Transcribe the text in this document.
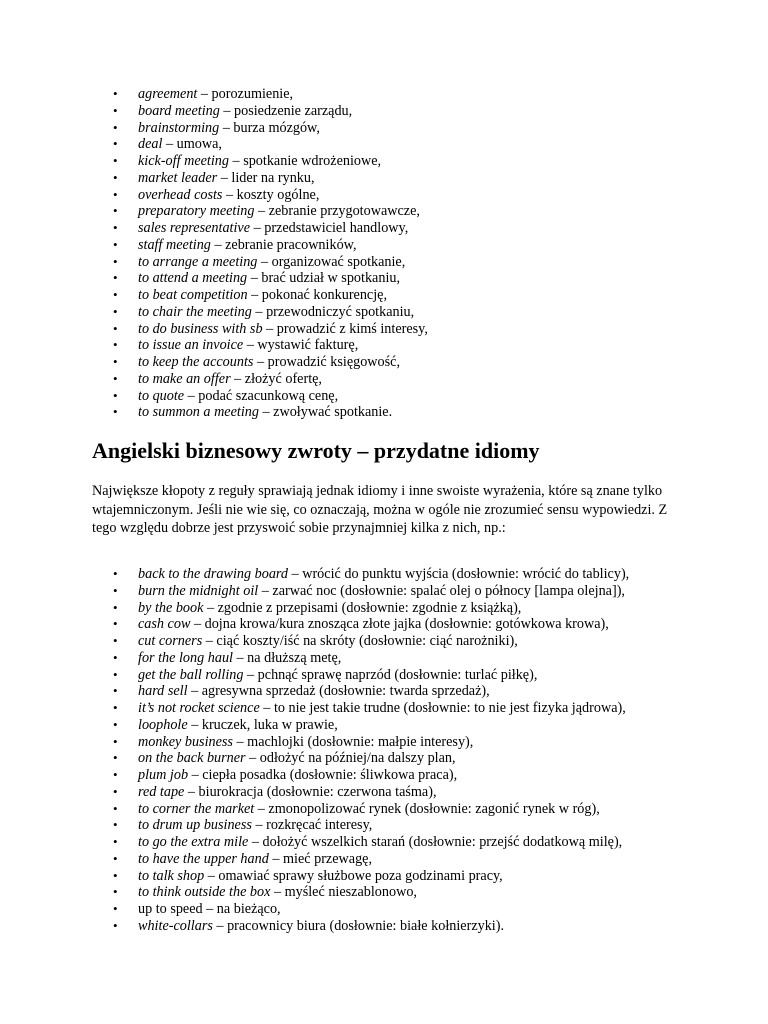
• agreement – porozumienie,
• board meeting – posiedzenie zarządu,
• brainstorming – burza mózgów,
• deal – umowa,
• kick-off meeting – spotkanie wdrożeniowe,
• market leader – lider na rynku,
• overhead costs – koszty ogólne,
• preparatory meeting – zebranie przygotowawcze,
• sales representative – przedstawiciel handlowy,
• staff meeting – zebranie pracowników,
• to arrange a meeting – organizować spotkanie,
• to attend a meeting – brać udział w spotkaniu,
• to beat competition – pokonać konkurencję,
• to chair the meeting – przewodniczyć spotkaniu,
• to do business with sb – prowadzić z kimś interesy,
• to issue an invoice – wystawić fakturę,
• to keep the accounts – prowadzić księgowość,
• to make an offer – złożyć ofertę,
• to quote – podać szacunkową cenę,
• to summon a meeting – zwoływać spotkanie.
Angielski biznesowy zwroty – przydatne idiomy

Największe kłopoty z reguły sprawiają jednak idiomy i inne swoiste wyrażenia, które są znane tylko wtajemniczonym. Jeśli nie wie się, co oznaczają, można w ogóle nie zrozumieć sensu wypowiedzi. Z tego względu dobrze jest przyswoić sobie przynajmniej kilka z nich, np.:

• back to the drawing board – wrócić do punktu wyjścia (dosłownie: wrócić do tablicy),
• burn the midnight oil – zarwać noc (dosłownie: spalać olej o północy [lampa olejna]),
• by the book – zgodnie z przepisami (dosłownie: zgodnie z książką),
• cash cow – dojna krowa/kura znosząca złote jajka (dosłownie: gotówkowa krowa),
• cut corners – ciąć koszty/iść na skróty (dosłownie: ciąć narożniki),
• for the long haul – na dłuższą metę,
• get the ball rolling – pchnąć sprawę naprzód (dosłownie: turlać piłkę),
• hard sell – agresywna sprzedaż (dosłownie: twarda sprzedaż),
• it’s not rocket science – to nie jest takie trudne (dosłownie: to nie jest fizyka jądrowa),
• loophole – kruczek, luka w prawie,
• monkey business – machlojki (dosłownie: małpie interesy),
• on the back burner – odłożyć na później/na dalszy plan,
• plum job – ciepła posadka (dosłownie: śliwkowa praca),
• red tape – biurokracja (dosłownie: czerwona taśma),
• to corner the market – zmonopolizować rynek (dosłownie: zagonić rynek w róg),
• to drum up business – rozkręcać interesy,
• to go the extra mile – dołożyć wszelkich starań (dosłownie: przejść dodatkową milę),
• to have the upper hand – mieć przewagę,
• to talk shop – omawiać sprawy służbowe poza godzinami pracy,
• to think outside the box – myśleć nieszablonowo,
• up to speed – na bieżąco,
• white-collars – pracownicy biura (dosłownie: białe kołnierzyki).
